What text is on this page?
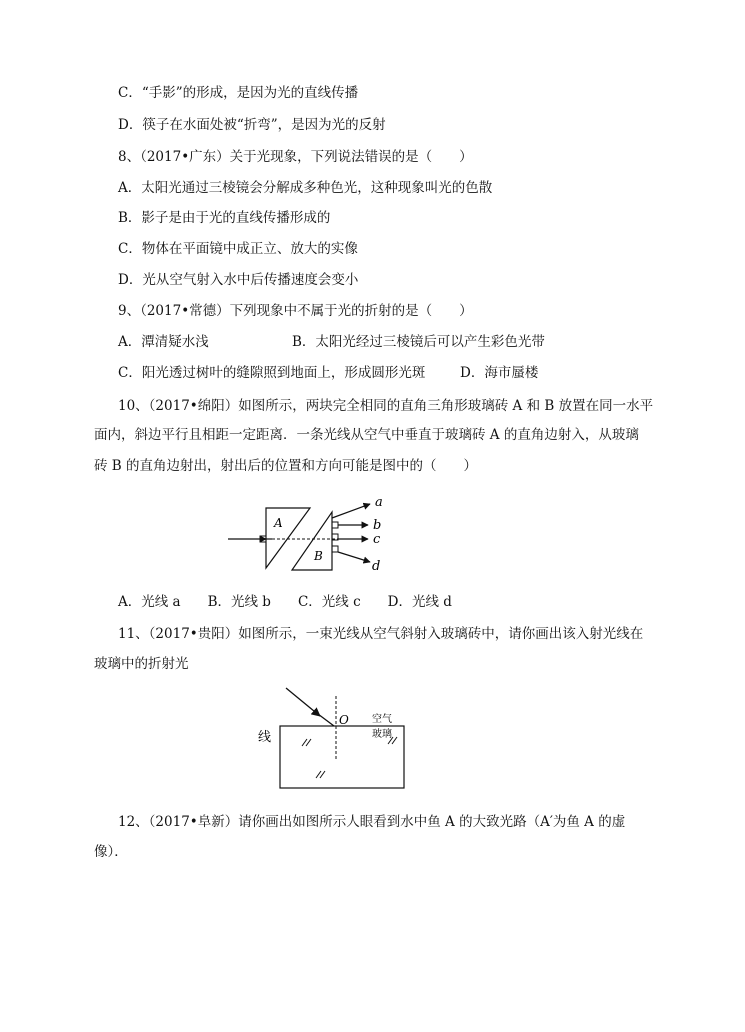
C．“手影”的形成，是因为光的直线传播
D．筷子在水面处被“折弯”，是因为光的反射
8、（2017•广东）关于光现象，下列说法错误的是（　　）
A．太阳光通过三棱镜会分解成多种色光，这种现象叫光的色散
B．影子是由于光的直线传播形成的
C．物体在平面镜中成正立、放大的实像
D．光从空气射入水中后传播速度会变小
9、（2017•常德）下列现象中不属于光的折射的是（　　）
A．潭清疑水浅	B．太阳光经过三棱镜后可以产生彩色光带
C．阳光透过树叶的缝隙照到地面上，形成圆形光斑	D．海市蜃楼
10、（2017•绵阳）如图所示，两块完全相同的直角三角形玻璃砖 A 和 B 放置在同一水平
面内，斜边平行且相距一定距离．一条光线从空气中垂直于玻璃砖 A 的直角边射入，从玻璃
砖 B 的直角边射出，射出后的位置和方向可能是图中的（　　）
A
B
a
b
c
d
A．光线 a　　B．光线 b　　C．光线 c　　D．光线 d
11、（2017•贵阳）如图所示，一束光线从空气斜射入玻璃砖中，请你画出该入射光线在
玻璃中的折射光
O 空气
玻璃
线
12、（2017•阜新）请你画出如图所示人眼看到水中鱼 A 的大致光路（A′为鱼 A 的虚
像）．
